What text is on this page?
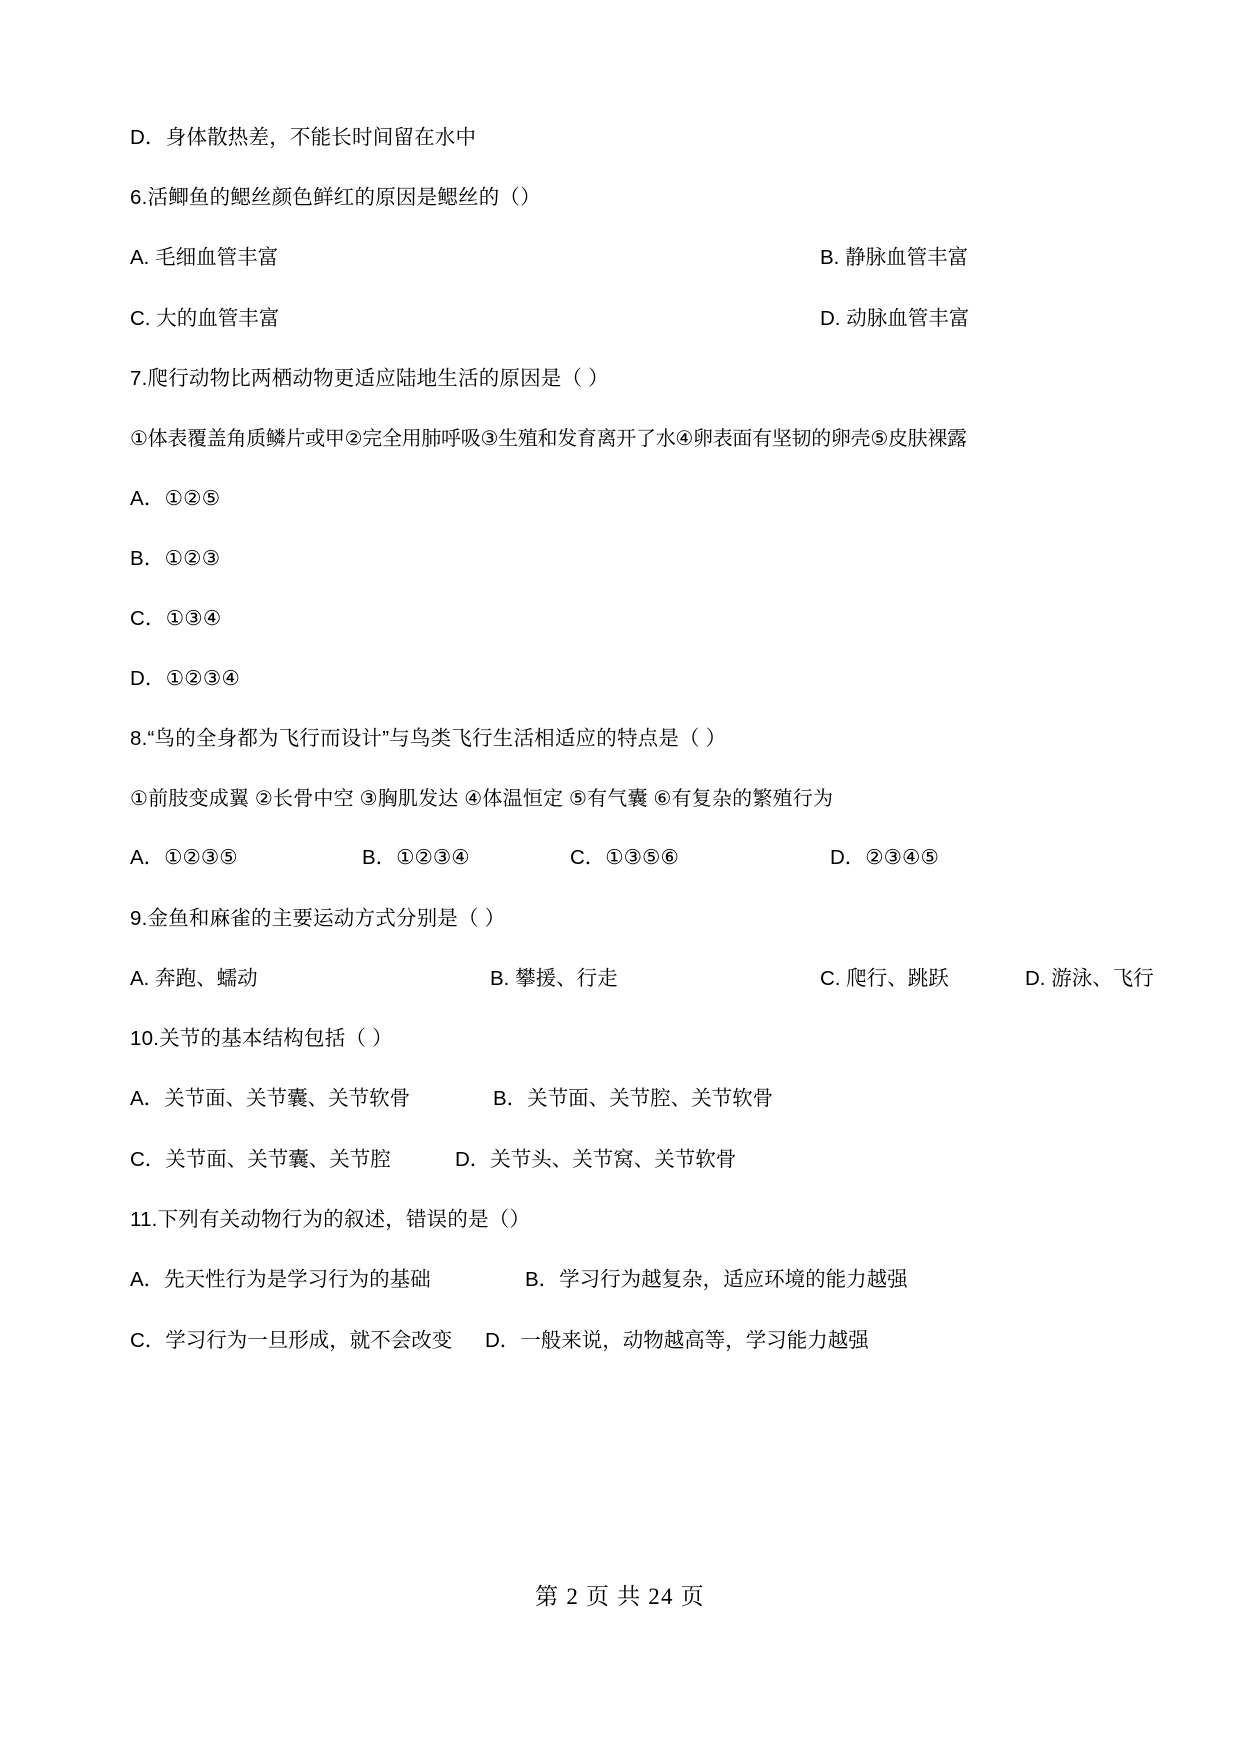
D．身体散热差，不能长时间留在水中

6.活鲫鱼的鳃丝颜色鲜红的原因是鳃丝的（）

A. 毛细血管丰富	B. 静脉血管丰富
C. 大的血管丰富	D. 动脉血管丰富

7.爬行动物比两栖动物更适应陆地生活的原因是（ ）

①体表覆盖角质鳞片或甲②完全用肺呼吸③生殖和发育离开了水④卵表面有坚韧的卵壳⑤皮肤裸露

A．①②⑤

B．①②③

C．①③④

D．①②③④

8.“鸟的全身都为飞行而设计”与鸟类飞行生活相适应的特点是（ ）

①前肢变成翼 ②长骨中空 ③胸肌发达 ④体温恒定 ⑤有气囊 ⑥有复杂的繁殖行为

A．①②③⑤	B．①②③④	C．①③⑤⑥	D．②③④⑤

9.金鱼和麻雀的主要运动方式分别是（ ）

A. 奔跑、蠕动	B. 攀援、行走	C. 爬行、跳跃	D. 游泳、飞行

10.关节的基本结构包括（ ）

A．关节面、关节囊、关节软骨	B．关节面、关节腔、关节软骨
C．关节面、关节囊、关节腔	D．关节头、关节窝、关节软骨

11.下列有关动物行为的叙述，错误的是（）

A．先天性行为是学习行为的基础	B．学习行为越复杂，适应环境的能力越强
C．学习行为一旦形成，就不会改变 D．一般来说，动物越高等，学习能力越强
第 2 页 共 24 页
